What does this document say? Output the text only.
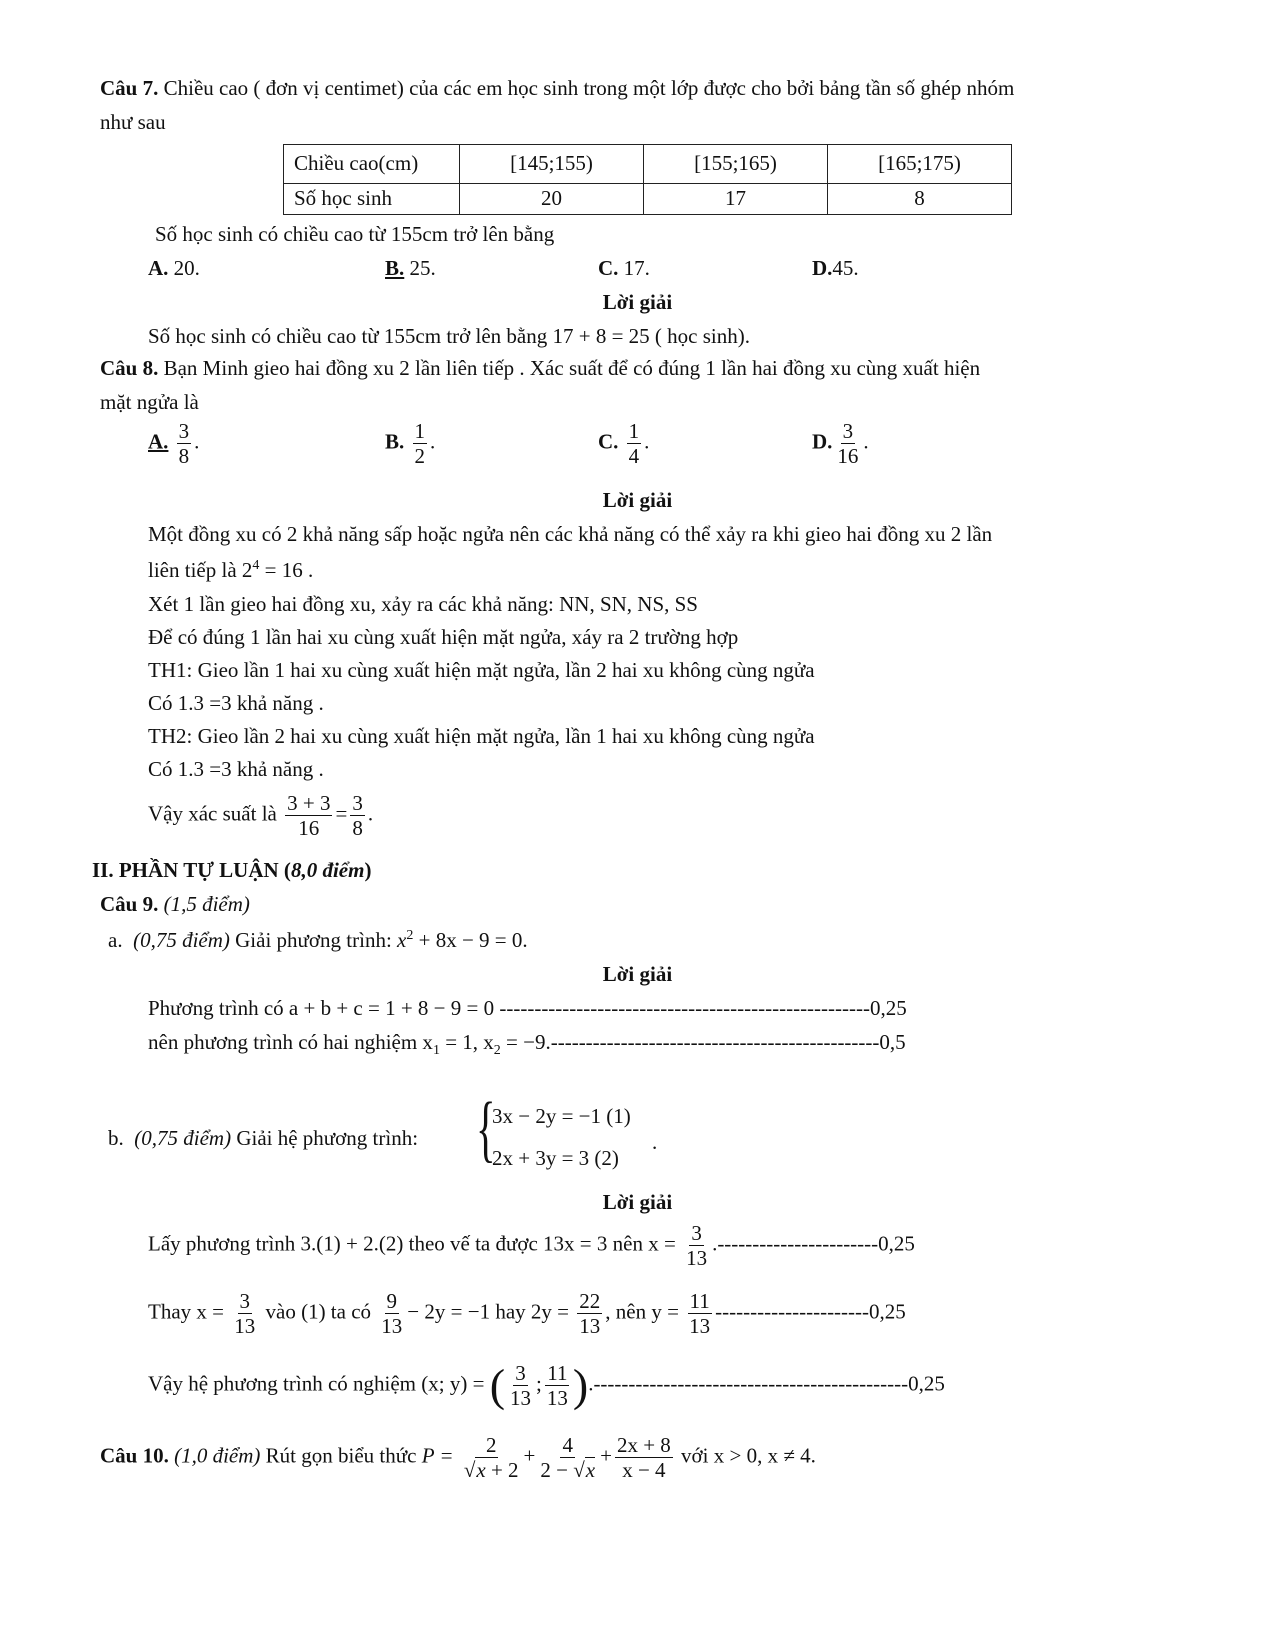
Câu 7. Chiều cao ( đơn vị centimet) của các em học sinh trong một lớp được cho bởi bảng tần số ghép nhóm
như sau
Chiều cao(cm)	[145;155)	[155;165)	[165;175)
Số học sinh	20	17	8
Số học sinh có chiều cao từ 155cm trở lên bằng
A. 20.	B. 25.	C. 17.	D.45.
Lời giải
Số học sinh có chiều cao từ 155cm trở lên bằng 17 + 8 = 25 ( học sinh).
Câu 8. Bạn Minh gieo hai đồng xu 2 lần liên tiếp . Xác suất để có đúng 1 lần hai đồng xu cùng xuất hiện
mặt ngửa là
A. $\frac{3}{8}$ .	B. $\frac{1}{2}$ .	C. $\frac{1}{4}$ .	D. $\frac{3}{16}$ .
Lời giải
Một đồng xu có 2 khả năng sấp hoặc ngửa nên các khả năng có thể xảy ra khi gieo hai đồng xu 2 lần
liên tiếp là $2^4 = 16$ .
Xét 1 lần gieo hai đồng xu, xảy ra các khả năng: NN, SN, NS, SS
Để có đúng 1 lần hai xu cùng xuất hiện mặt ngửa, xáy ra 2 trường hợp
TH1: Gieo lần 1 hai xu cùng xuất hiện mặt ngửa, lần 2 hai xu không cùng ngửa
Có 1.3 =3 khả năng .
TH2: Gieo lần 2 hai xu cùng xuất hiện mặt ngửa, lần 1 hai xu không cùng ngửa
Có 1.3 =3 khả năng .
Vậy xác suất là $\frac{3 + 3}{16} = \frac{3}{8}$ .
II. PHẦN TỰ LUẬN (8,0 điểm)
Câu 9. (1,5 điểm)
a. (0,75 điểm) Giải phương trình: $x^2 + 8x - 9 = 0$.
Lời giải
Phương trình có a + b + c = 1 + 8 − 9 = 0 -----------------------------------------------------0,25
nên phương trình có hai nghiệm $x_1 = 1$, $x_2 = -9.-----------------------------------------------0,5$
b. (0,75 điểm) Giải hệ phương trình: {
3x − 2y = −1 (1)
2x + 3y = 3 (2)
.
Lời giải
Lấy phương trình 3.(1) + 2.(2) theo vế ta được 13x = 3 nên $x = \frac{3}{13} .-----------------------0,25$
Thay $x = \frac{3}{13}$ vào (1) ta có $\frac{9}{13} - 2y = -1$ hay $2y = \frac{22}{13}$ , nên $y = \frac{11}{13} ----------------------0,25$
Vậy hệ phương trình có nghiệm (x; y) = ( $\frac{3}{13}$ ; $\frac{11}{13} ).---------------------------------------------0,25$
Câu 10. (1,0 điểm) Rút gọn biểu thức $P = \frac{2}{√x + 2} + \frac{4}{2 - √x} + \frac{2x + 8}{x - 4}$ với x > 0, x ≠ 4.
